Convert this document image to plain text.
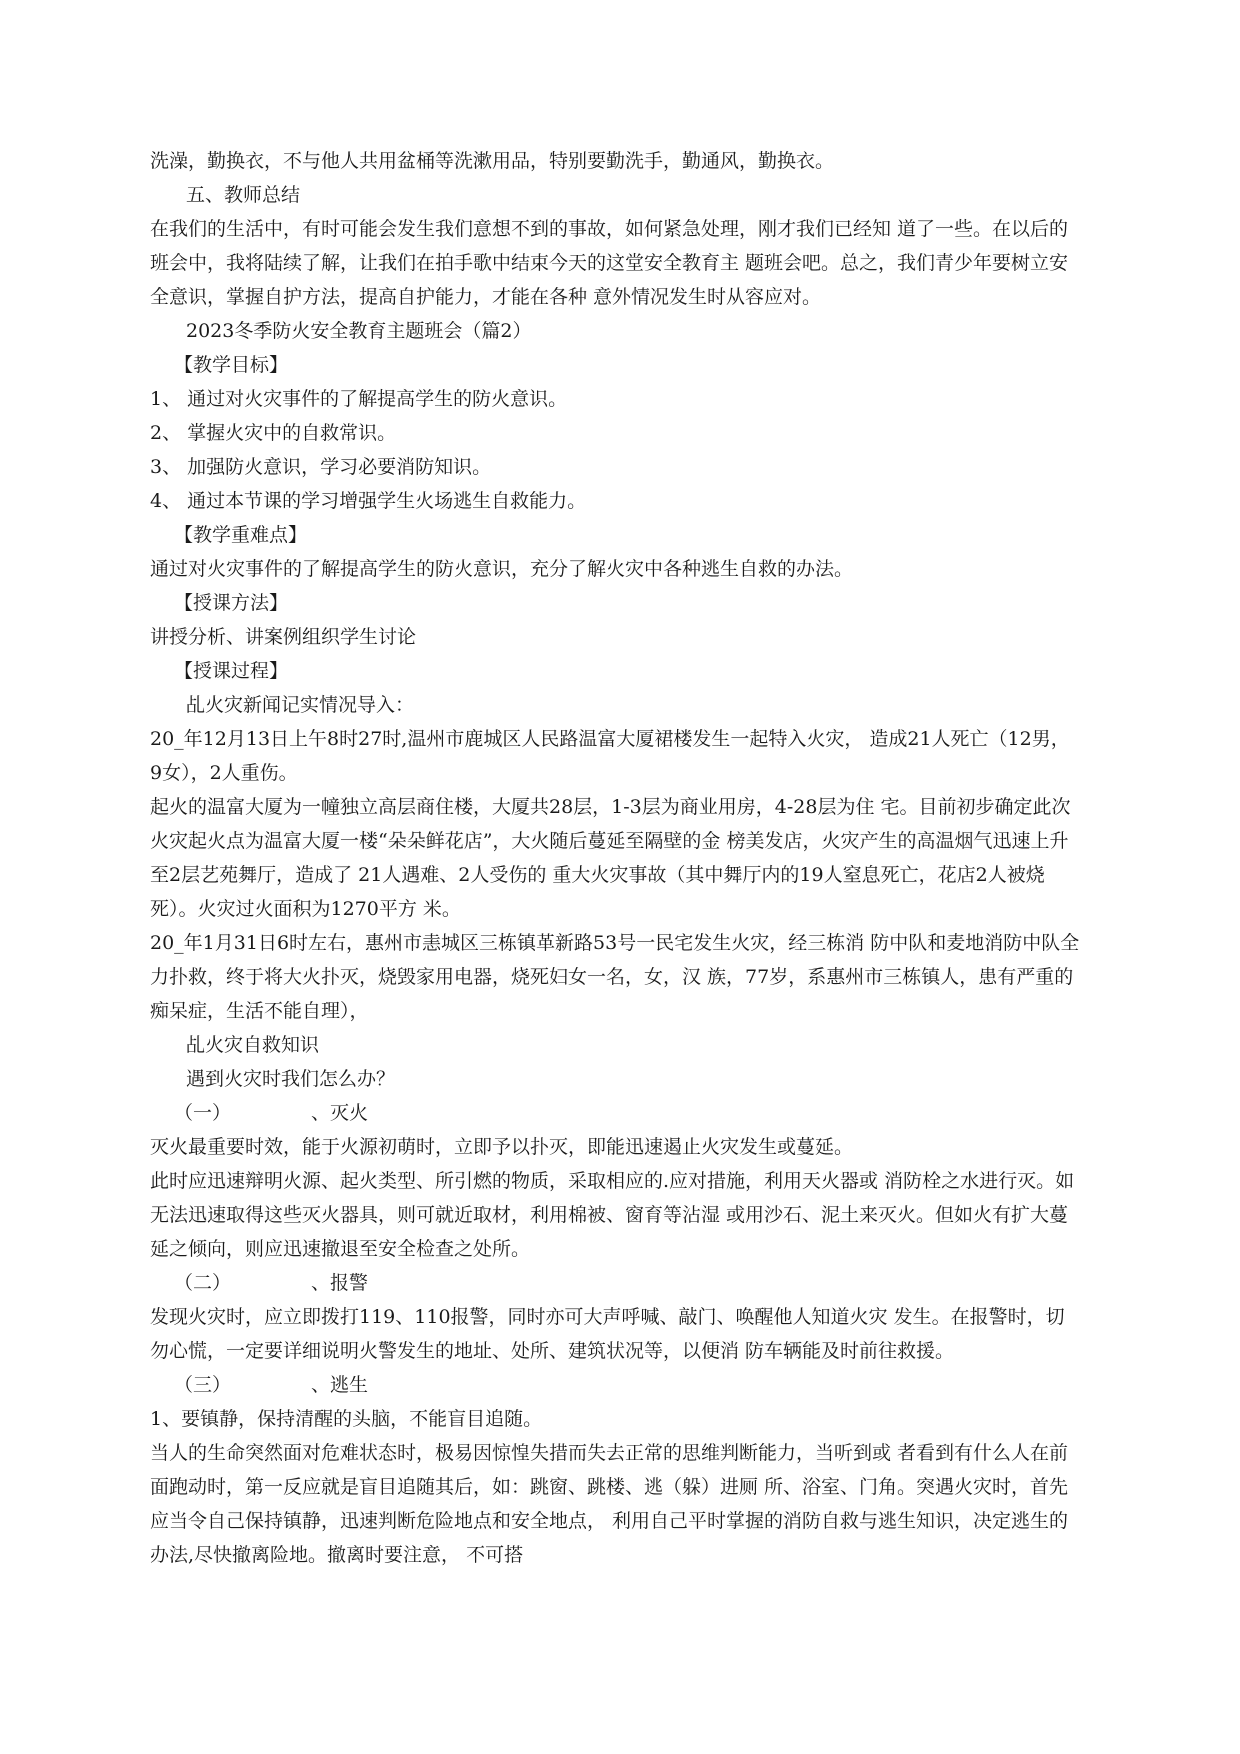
洗澡，勤换衣，不与他人共用盆桶等洗漱用品，特别要勤洗手，勤通风，勤换衣。
五、教师总结
在我们的生活中，有时可能会发生我们意想不到的事故，如何紧急处理，刚才我们已经知 道了一些。在以后的班会中，我将陆续了解，让我们在拍手歌中结束今天的这堂安全教育主 题班会吧。总之，我们青少年要树立安全意识，掌握自护方法，提高自护能力，才能在各种 意外情况发生时从容应对。
2023冬季防火安全教育主题班会（篇2）
【教学目标】
1、 通过对火灾事件的了解提高学生的防火意识。
2、 掌握火灾中的自救常识。
3、 加强防火意识，学习必要消防知识。
4、 通过本节课的学习增强学生火场逃生自救能力。
【教学重难点】
通过对火灾事件的了解提高学生的防火意识，充分了解火灾中各种逃生自救的办法。
【授课方法】
讲授分析、讲案例组织学生讨论
【授课过程】
乩火灾新闻记实情况导入：
20_年12月13日上午8时27时,温州市鹿城区人民路温富大厦裙楼发生一起特入火灾， 造成21人死亡（12男，9女），2人重伤。
起火的温富大厦为一幢独立高层商住楼，大厦共28层，1-3层为商业用房，4-28层为住 宅。目前初步确定此次火灾起火点为温富大厦一楼“朵朵鲜花店”，大火随后蔓延至隔壁的金 榜美发店，火灾产生的高温烟气迅速上升至2层艺苑舞厅，造成了 21人遇难、2人受伤的 重大火灾事故（其中舞厅内的19人窒息死亡，花店2人被烧死）。火灾过火面积为1270平方 米。
20_年1月31日6时左右，惠州市恚城区三栋镇革新路53号一民宅发生火灾，经三栋消 防中队和麦地消防中队全力扑救，终于将大火扑灭，烧毁家用电器，烧死妇女一名，女，汉 族，77岁，系惠州市三栋镇人，患有严重的痴呆症，生活不能自理），
乩火灾自救知识
遇到火灾时我们怎么办？
（一）	、灭火
灭火最重要时效，能于火源初萌时，立即予以扑灭，即能迅速遏止火灾发生或蔓延。
此时应迅速辩明火源、起火类型、所引燃的物质，采取相应的.应对措施，利用天火器或 消防栓之水进行灭。如无法迅速取得这些灭火器具，则可就近取材，利用棉被、窗育等沾湿 或用沙石、泥土来灭火。但如火有扩大蔓延之倾向，则应迅速撤退至安全检查之处所。
（二）	、报警
发现火灾时，应立即拨打119、110报警，同时亦可大声呼喊、敲门、唤醒他人知道火灾 发生。在报警时，切勿心慌，一定要详细说明火警发生的地址、处所、建筑状况等，以便消 防车辆能及时前往救援。
（三）	、逃生
1、要镇静，保持清醒的头脑，不能盲目追随。
当人的生命突然面对危难状态时，极易因惊惶失措而失去正常的思维判断能力，当听到或 者看到有什么人在前面跑动时，第一反应就是盲目追随其后，如：跳窗、跳楼、逃（躲）进厕 所、浴室、门角。突遇火灾时，首先应当令自己保持镇静，迅速判断危险地点和安全地点， 利用自己平时掌握的消防自救与逃生知识，决定逃生的办法,尽快撤离险地。撤离时要注意， 不可搭
